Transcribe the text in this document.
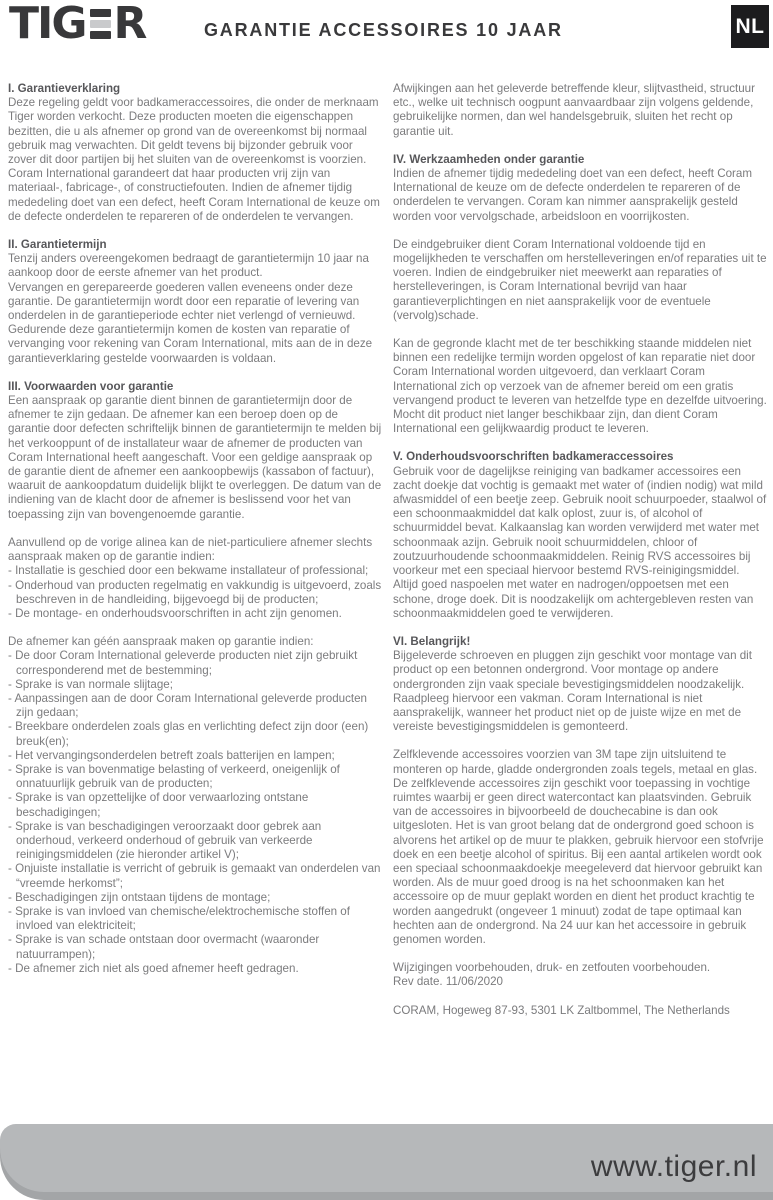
T I G R	GARANTIE ACCESSOIRES 10 JAAR	NL
I. Garantieverklaring

Deze regeling geldt voor badkameraccessoires, die onder de merknaam Tiger worden verkocht. Deze producten moeten die eigenschappen bezitten, die u als afnemer op grond van de overeenkomst bij normaal gebruik mag verwachten. Dit geldt tevens bij bijzonder gebruik voor zover dit door partijen bij het sluiten van de overeenkomst is voorzien. Coram International garandeert dat haar producten vrij zijn van materiaal-, fabricage-, of constructiefouten. Indien de afnemer tijdig mededeling doet van een defect, heeft Coram International de keuze om de defecte onderdelen te repareren of de onderdelen te vervangen.

II. Garantietermijn

Tenzij anders overeengekomen bedraagt de garantietermijn 10 jaar na aankoop door de eerste afnemer van het product.

Vervangen en gerepareerde goederen vallen eveneens onder deze garantie. De garantietermijn wordt door een reparatie of levering van onderdelen in de garantieperiode echter niet verlengd of vernieuwd.

Gedurende deze garantietermijn komen de kosten van reparatie of vervanging voor rekening van Coram International, mits aan de in deze garantieverklaring gestelde voorwaarden is voldaan.

III. Voorwaarden voor garantie

Een aanspraak op garantie dient binnen de garantietermijn door de afnemer te zijn gedaan. De afnemer kan een beroep doen op de garantie door defecten schriftelijk binnen de garantietermijn te melden bij het verkooppunt of de installateur waar de afnemer de producten van Coram International heeft aangeschaft. Voor een geldige aanspraak op de garantie dient de afnemer een aankoopbewijs (kassabon of factuur), waaruit de aankoopdatum duidelijk blijkt te overleggen. De datum van de indiening van de klacht door de afnemer is beslissend voor het van toepassing zijn van bovengenoemde garantie.

Aanvullend op de vorige alinea kan de niet-particuliere afnemer slechts aanspraak maken op de garantie indien:

- Installatie is geschied door een bekwame installateur of professional;
- Onderhoud van producten regelmatig en vakkundig is uitgevoerd, zoals beschreven in de handleiding, bijgevoegd bij de producten;
- De montage- en onderhoudsvoorschriften in acht zijn genomen.

De afnemer kan géén aanspraak maken op garantie indien:

- De door Coram International geleverde producten niet zijn gebruikt corresponderend met de bestemming;
- Sprake is van normale slijtage;
- Aanpassingen aan de door Coram International geleverde producten zijn gedaan;
- Breekbare onderdelen zoals glas en verlichting defect zijn door (een) breuk(en);
- Het vervangingsonderdelen betreft zoals batterijen en lampen;
- Sprake is van bovenmatige belasting of verkeerd, oneigenlijk of onnatuurlijk gebruik van de producten;
- Sprake is van opzettelijke of door verwaarlozing ontstane beschadigingen;
- Sprake is van beschadigingen veroorzaakt door gebrek aan onderhoud, verkeerd onderhoud of gebruik van verkeerde reinigingsmiddelen (zie hieronder artikel V);
- Onjuiste installatie is verricht of gebruik is gemaakt van onderdelen van “vreemde herkomst”;
- Beschadigingen zijn ontstaan tijdens de montage;
- Sprake is van invloed van chemische/elektrochemische stoffen of invloed van elektriciteit;
- Sprake is van schade ontstaan door overmacht (waaronder natuurrampen);
- De afnemer zich niet als goed afnemer heeft gedragen.

Afwijkingen aan het geleverde betreffende kleur, slijtvastheid, structuur etc., welke uit technisch oogpunt aanvaardbaar zijn volgens geldende, gebruikelijke normen, dan wel handelsgebruik, sluiten het recht op garantie uit.

IV. Werkzaamheden onder garantie

Indien de afnemer tijdig mededeling doet van een defect, heeft Coram International de keuze om de defecte onderdelen te repareren of de onderdelen te vervangen. Coram kan nimmer aansprakelijk gesteld worden voor vervolgschade, arbeidsloon en voorrijkosten.

De eindgebruiker dient Coram International voldoende tijd en mogelijkheden te verschaffen om herstelleveringen en/of reparaties uit te voeren. Indien de eindgebruiker niet meewerkt aan reparaties of herstelleveringen, is Coram International bevrijd van haar garantieverplichtingen en niet aansprakelijk voor de eventuele (vervolg)schade.

Kan de gegronde klacht met de ter beschikking staande middelen niet binnen een redelijke termijn worden opgelost of kan reparatie niet door Coram International worden uitgevoerd, dan verklaart Coram International zich op verzoek van de afnemer bereid om een gratis vervangend product te leveren van hetzelfde type en dezelfde uitvoering. Mocht dit product niet langer beschikbaar zijn, dan dient Coram International een gelijkwaardig product te leveren.

V. Onderhoudsvoorschriften badkameraccessoires

Gebruik voor de dagelijkse reiniging van badkamer accessoires een zacht doekje dat vochtig is gemaakt met water of (indien nodig) wat mild afwasmiddel of een beetje zeep. Gebruik nooit schuurpoeder, staalwol of een schoonmaakmiddel dat kalk oplost, zuur is, of alcohol of schuurmiddel bevat. Kalkaanslag kan worden verwijderd met water met schoonmaak azijn. Gebruik nooit schuurmiddelen, chloor of zoutzuurhoudende schoonmaakmiddelen. Reinig RVS accessoires bij voorkeur met een speciaal hiervoor bestemd RVS-reinigingsmiddel. Altijd goed naspoelen met water en nadrogen/oppoetsen met een schone, droge doek. Dit is noodzakelijk om achtergebleven resten van schoonmaakmiddelen goed te verwijderen.

VI. Belangrijk!

Bijgeleverde schroeven en pluggen zijn geschikt voor montage van dit product op een betonnen ondergrond. Voor montage op andere ondergronden zijn vaak speciale bevestigingsmiddelen noodzakelijk. Raadpleeg hiervoor een vakman. Coram International is niet aansprakelijk, wanneer het product niet op de juiste wijze en met de vereiste bevestigingsmiddelen is gemonteerd.

Zelfklevende accessoires voorzien van 3M tape zijn uitsluitend te monteren op harde, gladde ondergronden zoals tegels, metaal en glas. De zelfklevende accessoires zijn geschikt voor toepassing in vochtige ruimtes waarbij er geen direct watercontact kan plaatsvinden. Gebruik van de accessoires in bijvoorbeeld de douchecabine is dan ook uitgesloten. Het is van groot belang dat de ondergrond goed schoon is alvorens het artikel op de muur te plakken, gebruik hiervoor een stofvrije doek en een beetje alcohol of spiritus. Bij een aantal artikelen wordt ook een speciaal schoonmaakdoekje meegeleverd dat hiervoor gebruikt kan worden. Als de muur goed droog is na het schoonmaken kan het accessoire op de muur geplakt worden en dient het product krachtig te worden aangedrukt (ongeveer 1 minuut) zodat de tape optimaal kan hechten aan de ondergrond. Na 24 uur kan het accessoire in gebruik genomen worden.

Wijzigingen voorbehouden, druk- en zetfouten voorbehouden.

Rev date. 11/06/2020

CORAM, Hogeweg 87-93, 5301 LK Zaltbommel, The Netherlands

www.tiger.nl
